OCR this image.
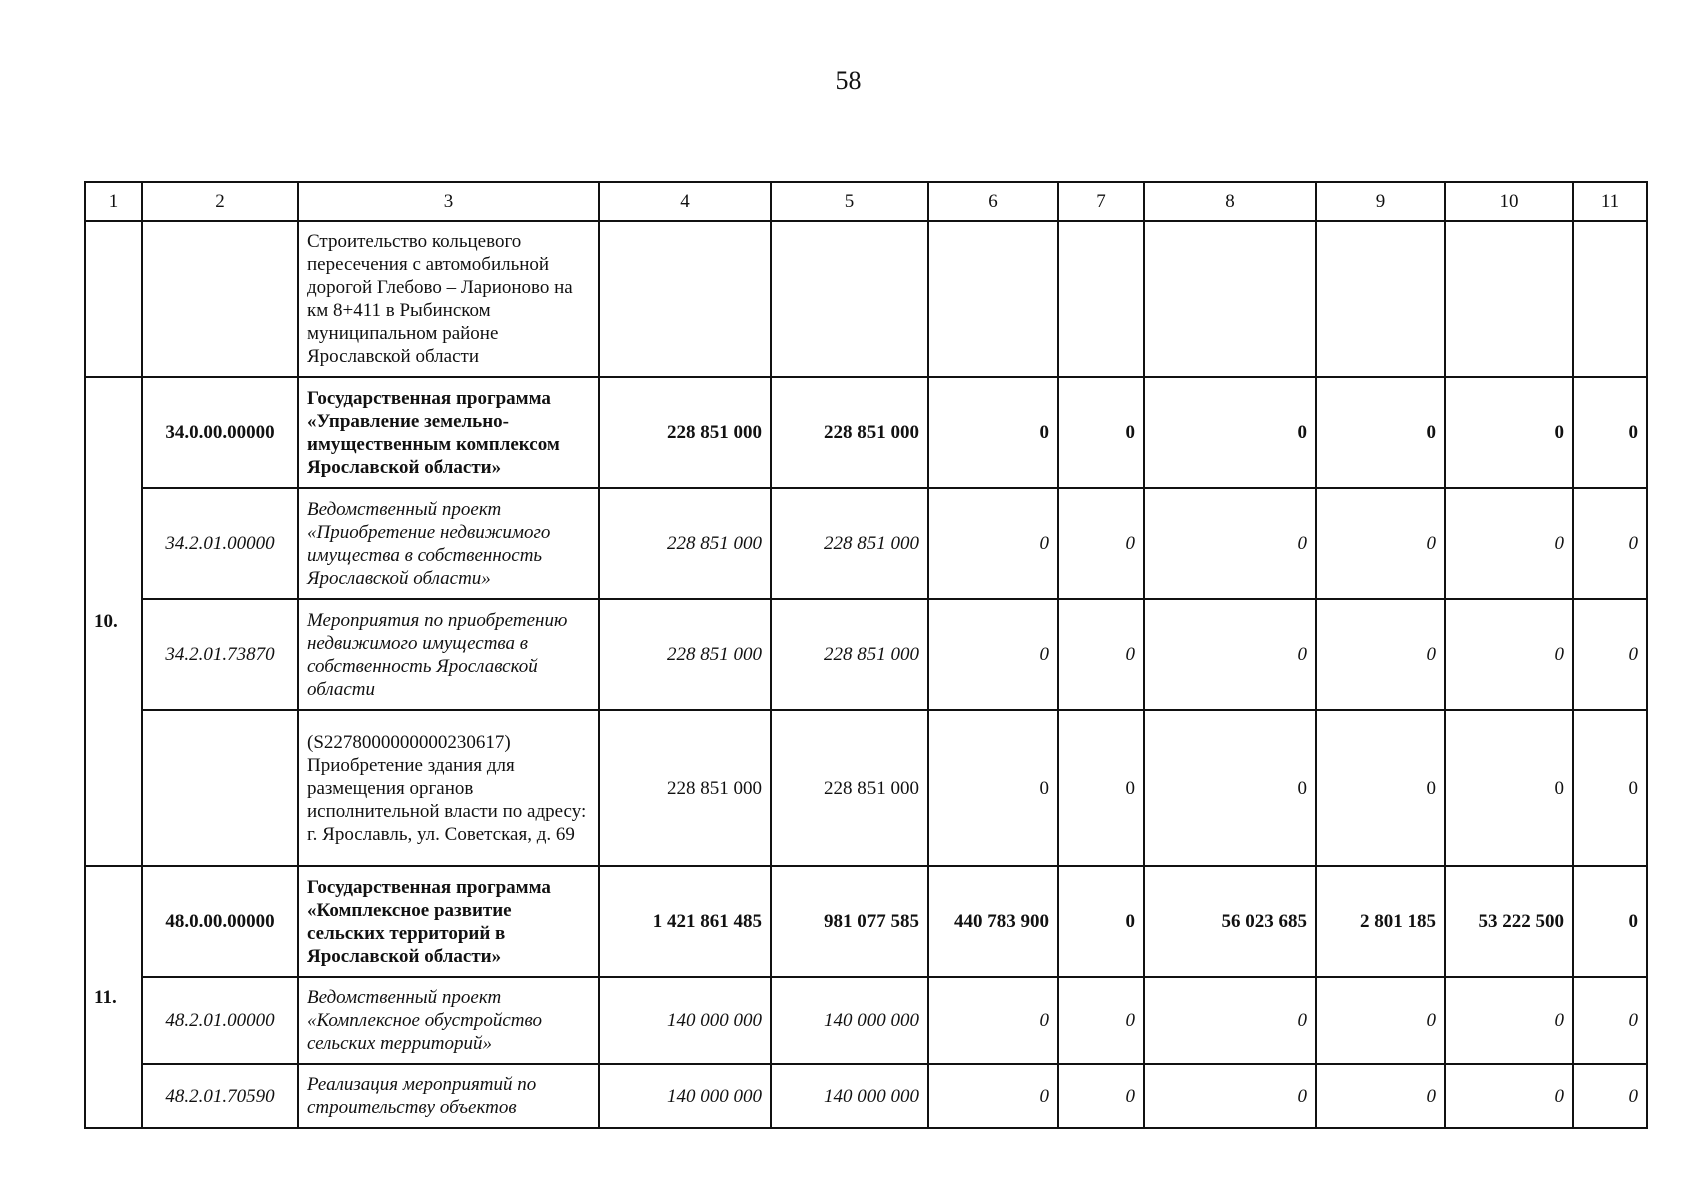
58
1	2	3	4	5	6	7	8	9	10	11
		Строительство кольцевого пересечения с автомобильной дорогой Глебово – Ларионово на км 8+411 в Рыбинском муниципальном районе Ярославской области								
10.	34.0.00.00000	Государственная программа «Управление земельно-имущественным комплексом Ярославской области»	228 851 000	228 851 000	0	0	0	0	0	0
	34.2.01.00000	Ведомственный проект «Приобретение недвижимого имущества в собственность Ярославской области»	228 851 000	228 851 000	0	0	0	0	0	0
	34.2.01.73870	Мероприятия по приобретению недвижимого имущества в собственность Ярославской области	228 851 000	228 851 000	0	0	0	0	0	0
		(S2278000000000230617) Приобретение здания для размещения органов исполнительной власти по адресу: г. Ярославль, ул. Советская, д. 69	228 851 000	228 851 000	0	0	0	0	0	0
11.	48.0.00.00000	Государственная программа «Комплексное развитие сельских территорий в Ярославской области»	1 421 861 485	981 077 585	440 783 900	0	56 023 685	2 801 185	53 222 500	0
	48.2.01.00000	Ведомственный проект «Комплексное обустройство сельских территорий»	140 000 000	140 000 000	0	0	0	0	0	0
	48.2.01.70590	Реализация мероприятий по строительству объектов	140 000 000	140 000 000	0	0	0	0	0	0
